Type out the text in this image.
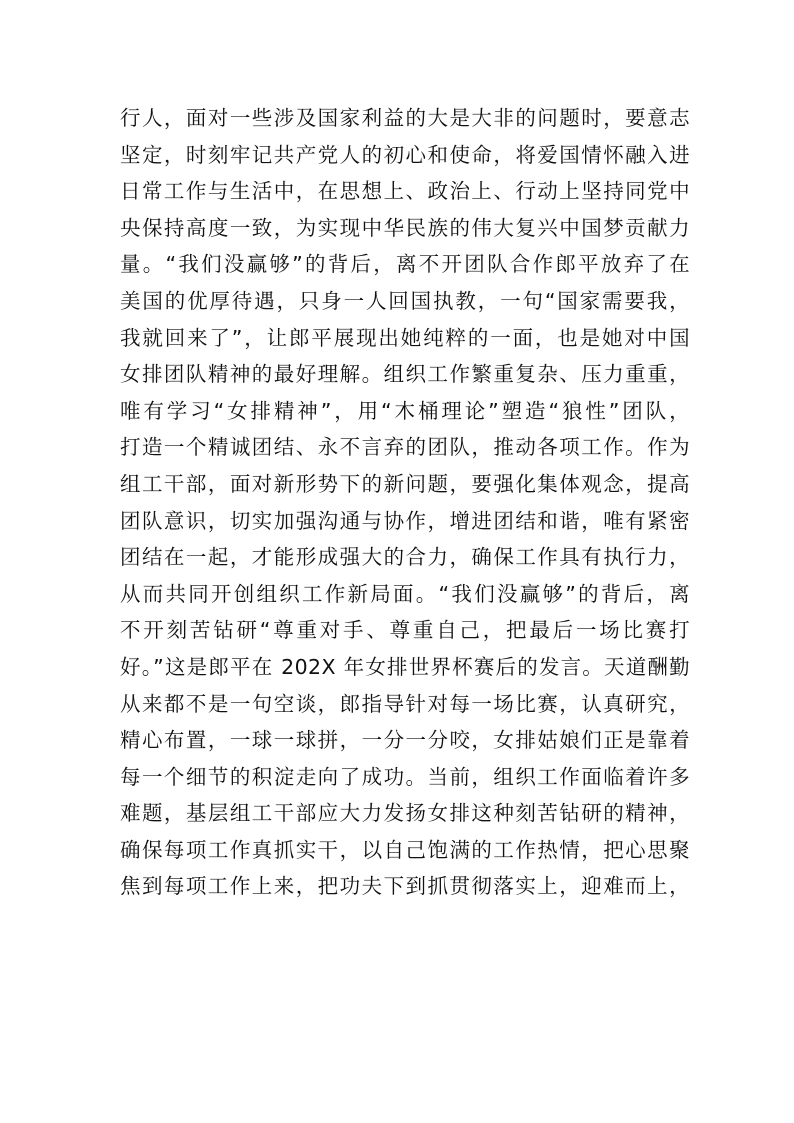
行人，面对一些涉及国家利益的大是大非的问题时，要意志
坚定，时刻牢记共产党人的初心和使命，将爱国情怀融入进
日常工作与生活中，在思想上、政治上、行动上坚持同党中
央保持高度一致，为实现中华民族的伟大复兴中国梦贡献力
量。“我们没赢够”的背后，离不开团队合作郎平放弃了在
美国的优厚待遇，只身一人回国执教，一句“国家需要我，
我就回来了”，让郎平展现出她纯粹的一面，也是她对中国
女排团队精神的最好理解。组织工作繁重复杂、压力重重，
唯有学习“女排精神”，用“木桶理论”塑造“狼性”团队，
打造一个精诚团结、永不言弃的团队，推动各项工作。作为
组工干部，面对新形势下的新问题，要强化集体观念，提高
团队意识，切实加强沟通与协作，增进团结和谐，唯有紧密
团结在一起，才能形成强大的合力，确保工作具有执行力，
从而共同开创组织工作新局面。“我们没赢够”的背后，离
不开刻苦钻研“尊重对手、尊重自己，把最后一场比赛打
好。”这是郎平在 202X 年女排世界杯赛后的发言。天道酬勤
从来都不是一句空谈，郎指导针对每一场比赛，认真研究，
精心布置，一球一球拼，一分一分咬，女排姑娘们正是靠着
每一个细节的积淀走向了成功。当前，组织工作面临着许多
难题，基层组工干部应大力发扬女排这种刻苦钻研的精神，
确保每项工作真抓实干，以自己饱满的工作热情，把心思聚
焦到每项工作上来，把功夫下到抓贯彻落实上，迎难而上，
